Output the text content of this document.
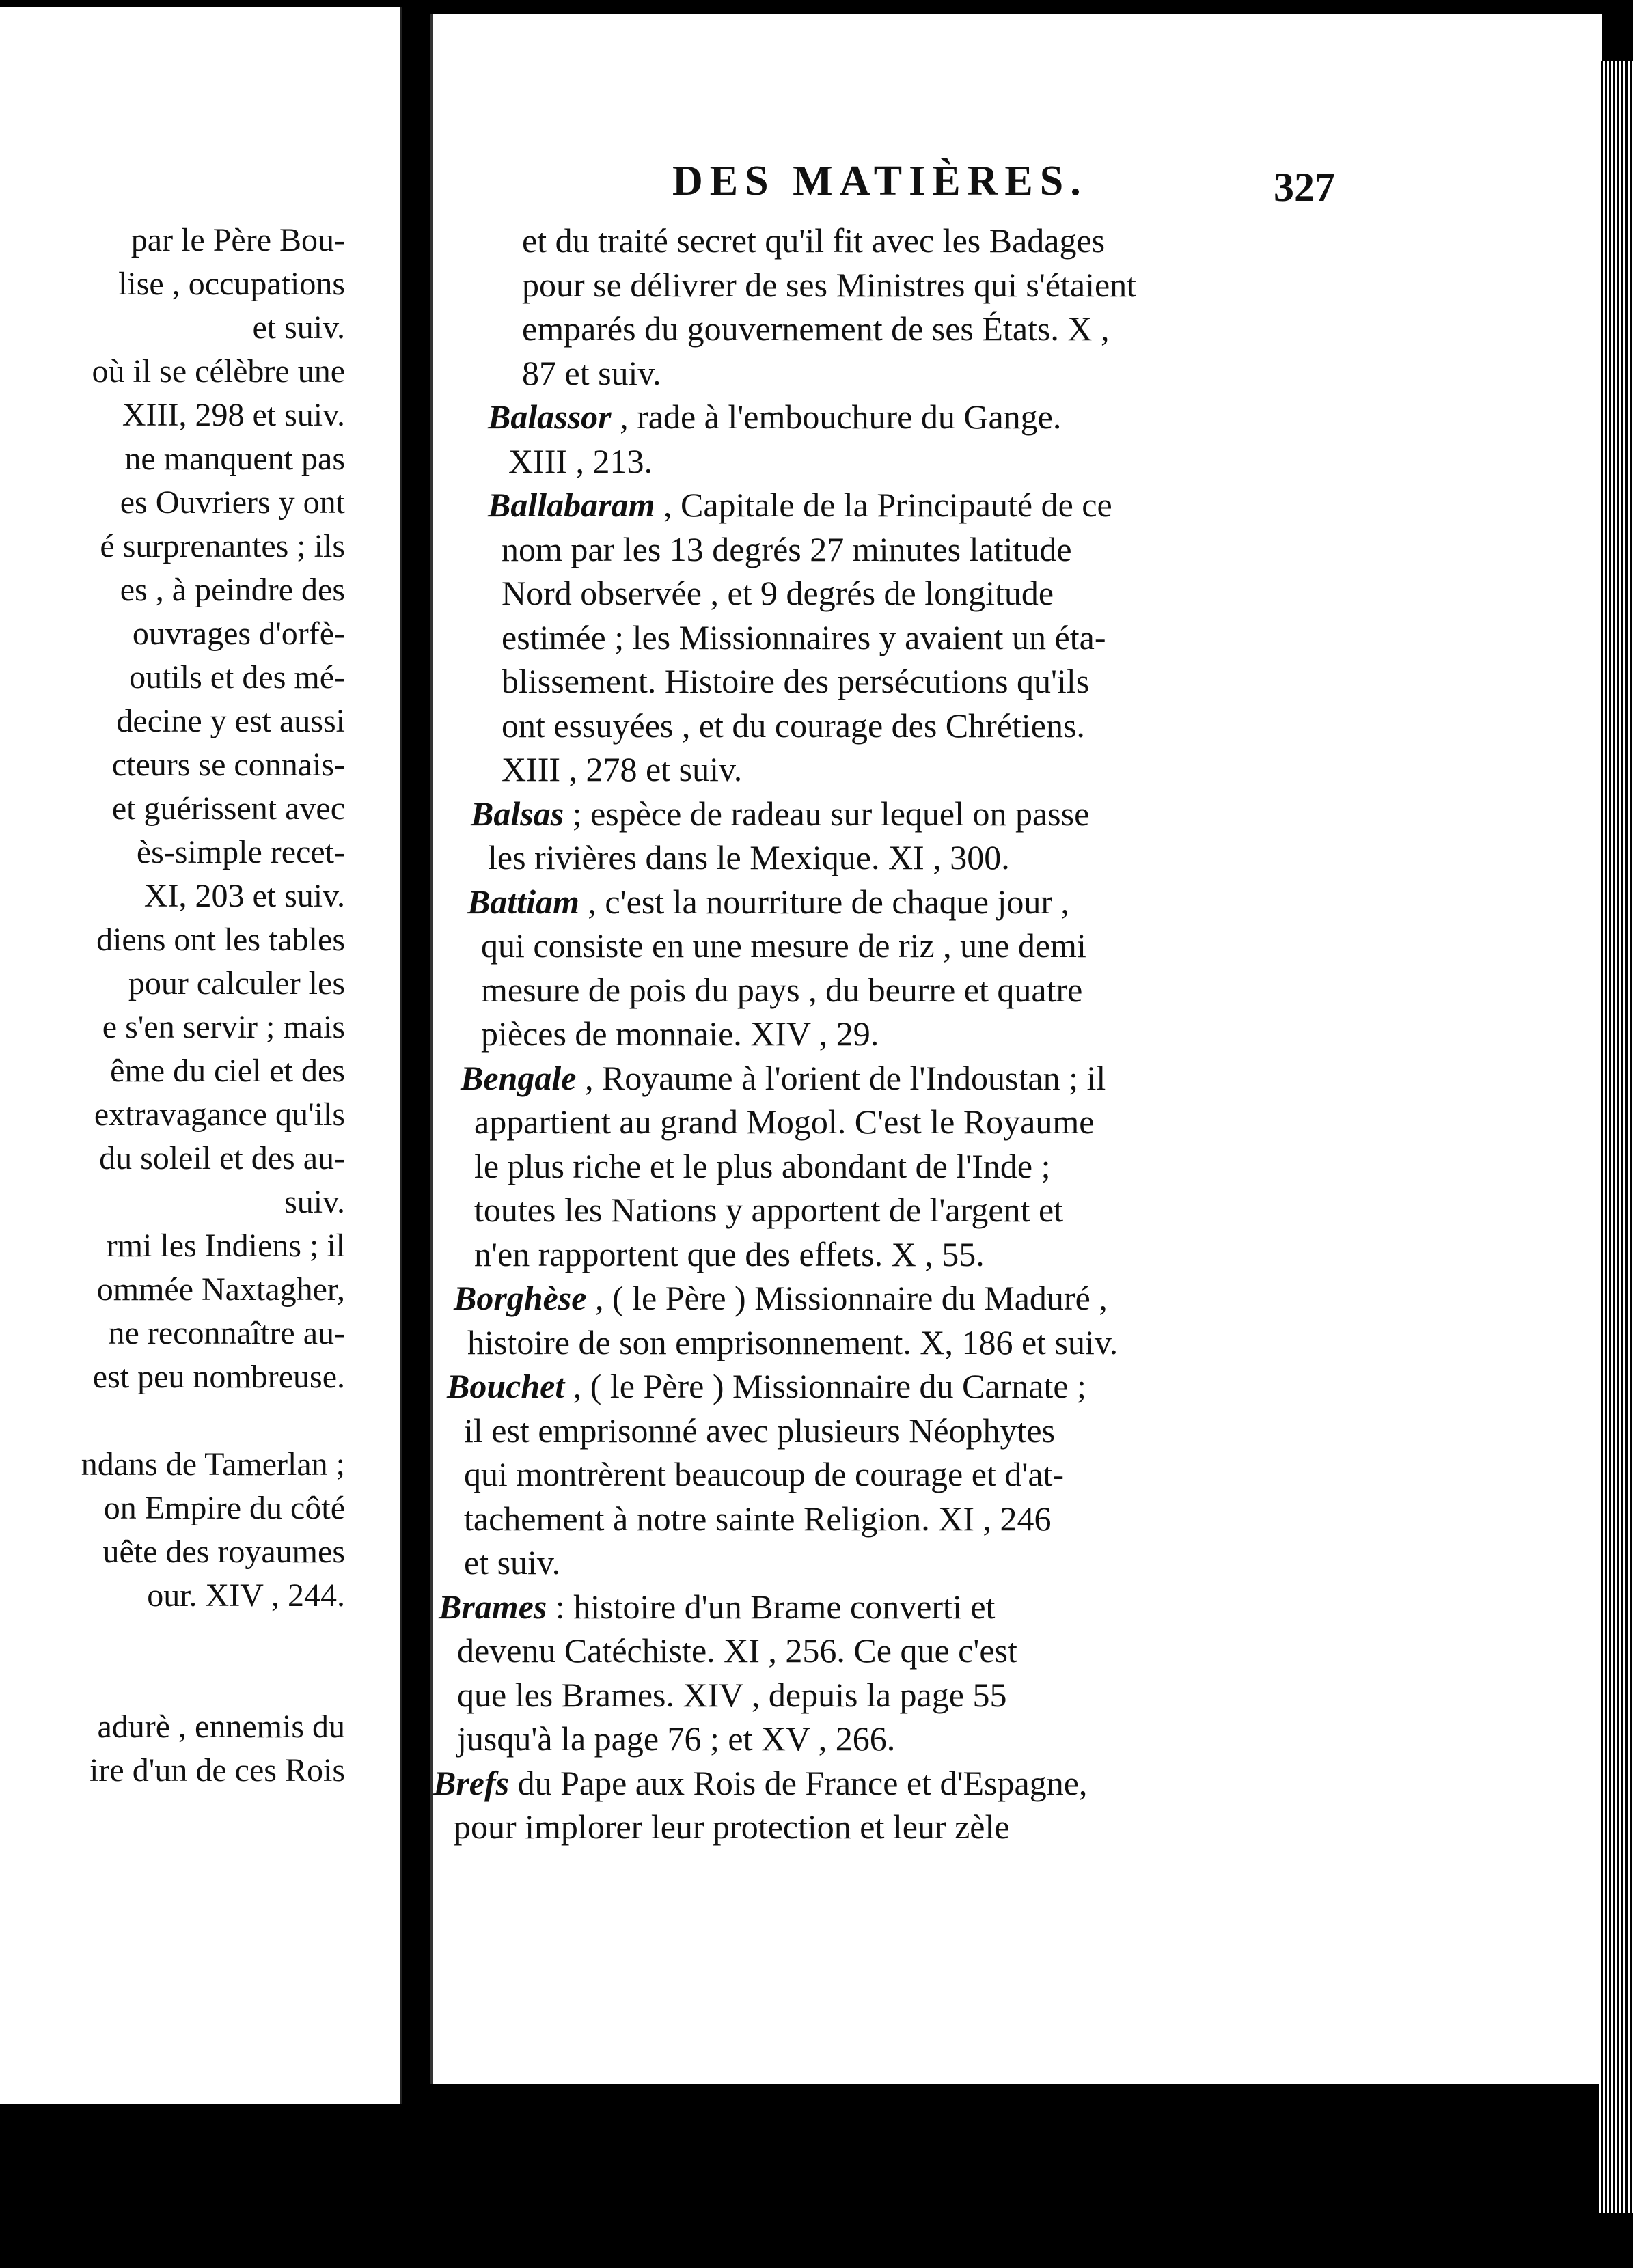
par le Père Bou-
lise , occupations
et suiv.
où il se célèbre une
XIII, 298 et suiv.
ne manquent pas
es Ouvriers y ont
é surprenantes ; ils
es , à peindre des
ouvrages d'orfè-
outils et des mé-
decine y est aussi
cteurs se connais-
et guérissent avec
ès-simple recet-
XI, 203 et suiv.
diens ont les tables
pour calculer les
e s'en servir ; mais
ême du ciel et des
extravagance qu'ils
du soleil et des au-
suiv.
rmi les Indiens ; il
ommée Naxtagher,
ne reconnaître au-
est peu nombreuse.
ndans de Tamerlan ;
on Empire du côté
uête des royaumes
our. XIV , 244.
adurè , ennemis du
ire d'un de ces Rois
DES MATIÈRES.	327
et du traité secret qu'il fit avec les Badages
pour se délivrer de ses Ministres qui s'étaient
emparés du gouvernement de ses États. X ,
87 et suiv.
Balassor , rade à l'embouchure du Gange.
XIII , 213.
Ballabaram , Capitale de la Principauté de ce
nom par les 13 degrés 27 minutes latitude
Nord observée , et 9 degrés de longitude
estimée ; les Missionnaires y avaient un éta-
blissement. Histoire des persécutions qu'ils
ont essuyées , et du courage des Chrétiens.
XIII , 278 et suiv.
Balsas ; espèce de radeau sur lequel on passe
les rivières dans le Mexique. XI , 300.
Battiam , c'est la nourriture de chaque jour ,
qui consiste en une mesure de riz , une demi
mesure de pois du pays , du beurre et quatre
pièces de monnaie. XIV , 29.
Bengale , Royaume à l'orient de l'Indoustan ; il
appartient au grand Mogol. C'est le Royaume
le plus riche et le plus abondant de l'Inde ;
toutes les Nations y apportent de l'argent et
n'en rapportent que des effets. X , 55.
Borghèse , ( le Père ) Missionnaire du Maduré ,
histoire de son emprisonnement. X, 186 et suiv.
Bouchet , ( le Père ) Missionnaire du Carnate ;
il est emprisonné avec plusieurs Néophytes
qui montrèrent beaucoup de courage et d'at-
tachement à notre sainte Religion. XI , 246
et suiv.
Brames : histoire d'un Brame converti et
devenu Catéchiste. XI , 256. Ce que c'est
que les Brames. XIV , depuis la page 55
jusqu'à la page 76 ; et XV , 266.
Brefs du Pape aux Rois de France et d'Espagne,
pour implorer leur protection et leur zèle
